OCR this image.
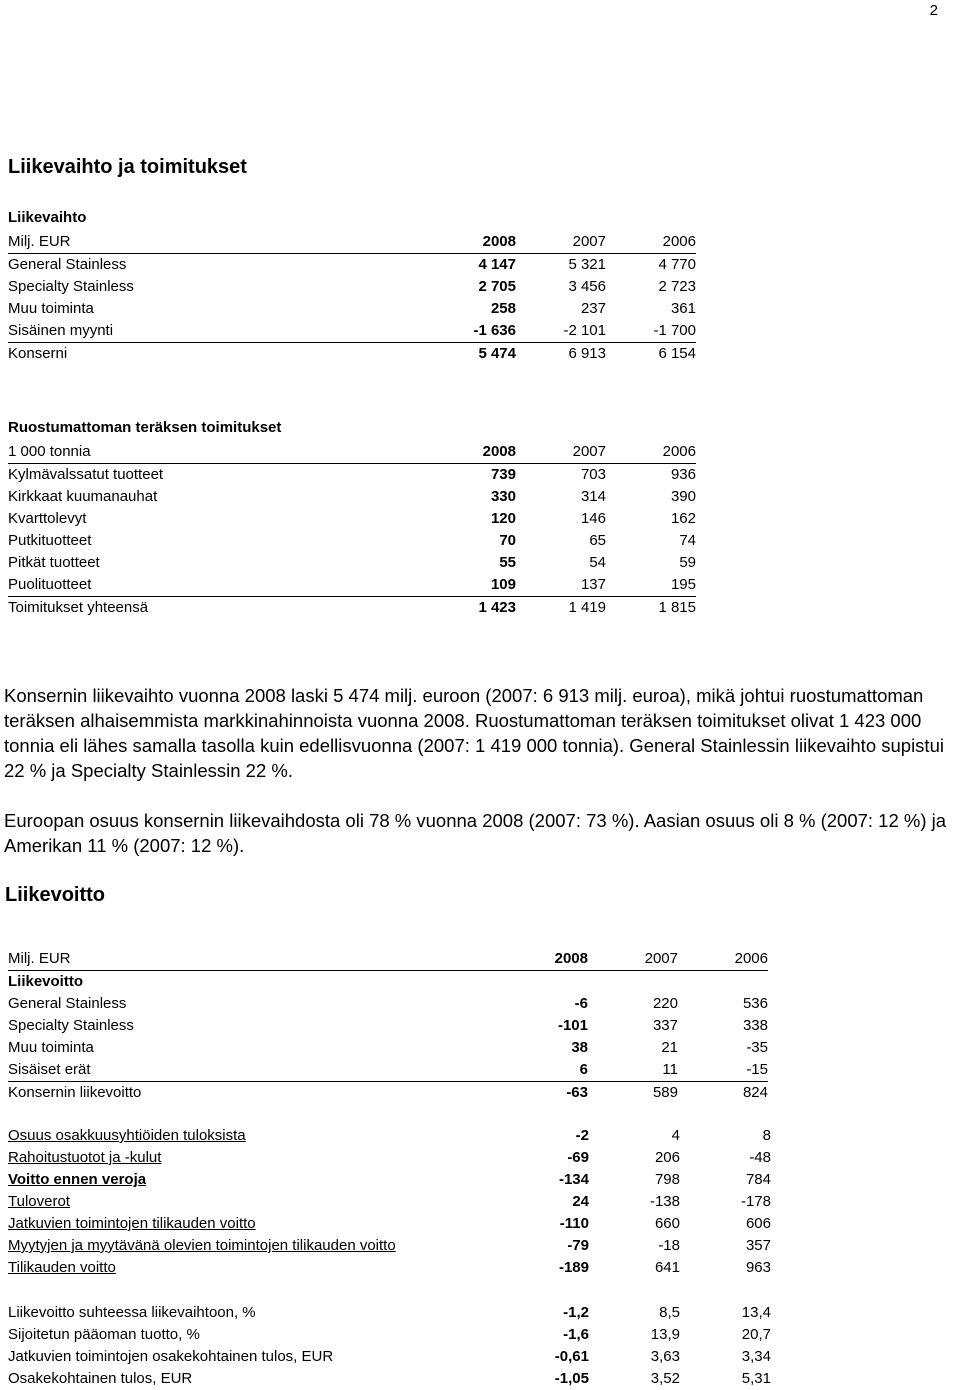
2
Liikevaihto ja toimitukset
Liikevaihto
Milj. EUR	2008	2007	2006
General Stainless	4 147	5 321	4 770
Specialty Stainless	2 705	3 456	2 723
Muu toiminta	258	237	361
Sisäinen myynti	-1 636	-2 101	-1 700
Konserni	5 474	6 913	6 154
Ruostumattoman teräksen toimitukset
1 000 tonnia	2008	2007	2006
Kylmävalssatut tuotteet	739	703	936
Kirkkaat kuumanauhat	330	314	390
Kvarttolevyt	120	146	162
Putkituotteet	70	65	74
Pitkät tuotteet	55	54	59
Puolituotteet	109	137	195
Toimitukset yhteensä	1 423	1 419	1 815

Konsernin liikevaihto vuonna 2008 laski 5 474 milj. euroon (2007: 6 913 milj. euroa), mikä johtui ruostumattoman teräksen alhaisemmista markkinahinnoista vuonna 2008. Ruostumattoman teräksen toimitukset olivat 1 423 000 tonnia eli lähes samalla tasolla kuin edellisvuonna (2007: 1 419 000 tonnia). General Stainlessin liikevaihto supistui 22 % ja Specialty Stainlessin 22 %.

Euroopan osuus konsernin liikevaihdosta oli 78 % vuonna 2008 (2007: 73 %). Aasian osuus oli 8 % (2007: 12 %) ja Amerikan 11 % (2007: 12 %).

Liikevoitto
Milj. EUR	2008	2007	2006
Liikevoitto			
General Stainless	-6	220	536
Specialty Stainless	-101	337	338
Muu toiminta	38	21	-35
Sisäiset erät	6	11	-15
Konsernin liikevoitto	-63	589	824
Osuus osakkuusyhtiöiden tuloksista	-2	4	8
Rahoitustuotot ja -kulut	-69	206	-48
Voitto ennen veroja	-134	798	784
Tuloverot	24	-138	-178
Jatkuvien toimintojen tilikauden voitto	-110	660	606
Myytyjen ja myytävänä olevien toimintojen tilikauden voitto	-79	-18	357
Tilikauden voitto	-189	641	963
Liikevoitto suhteessa liikevaihtoon, %	-1,2	8,5	13,4
Sijoitetun pääoman tuotto, %	-1,6	13,9	20,7
Jatkuvien toimintojen osakekohtainen tulos, EUR	-0,61	3,63	3,34
Osakekohtainen tulos, EUR	-1,05	3,52	5,31
